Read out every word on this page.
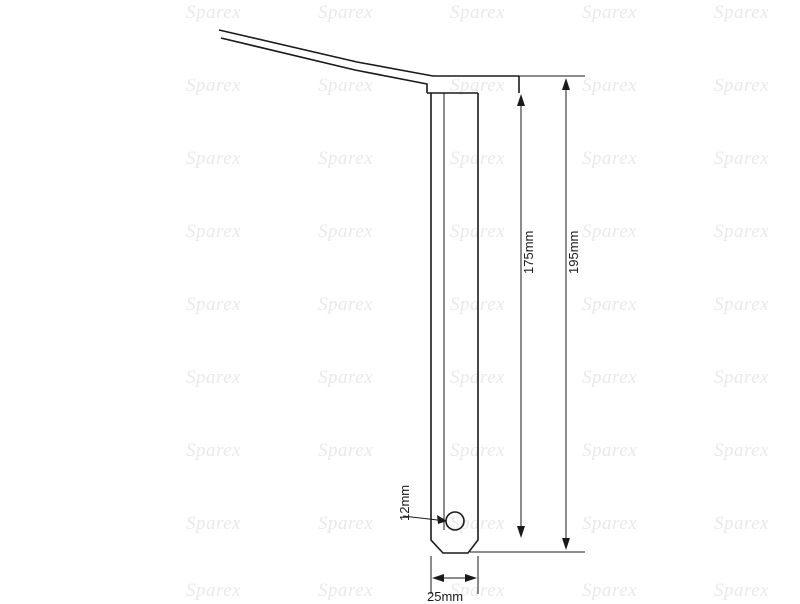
Sparex	Sparex	Sparex	Sparex	Sparex
Sparex	Sparex	Sparex	Sparex	Sparex
Sparex	Sparex	Sparex	Sparex	Sparex
Sparex	Sparex	Sparex	Sparex	Sparex
Sparex	Sparex	Sparex	Sparex	Sparex
Sparex	Sparex	Sparex	Sparex	Sparex
Sparex	Sparex	Sparex	Sparex	Sparex
Sparex	Sparex	Sparex	Sparex	Sparex
Sparex	Sparex	Sparex	Sparex	Sparex
195mm
175mm
12mm
25mm
